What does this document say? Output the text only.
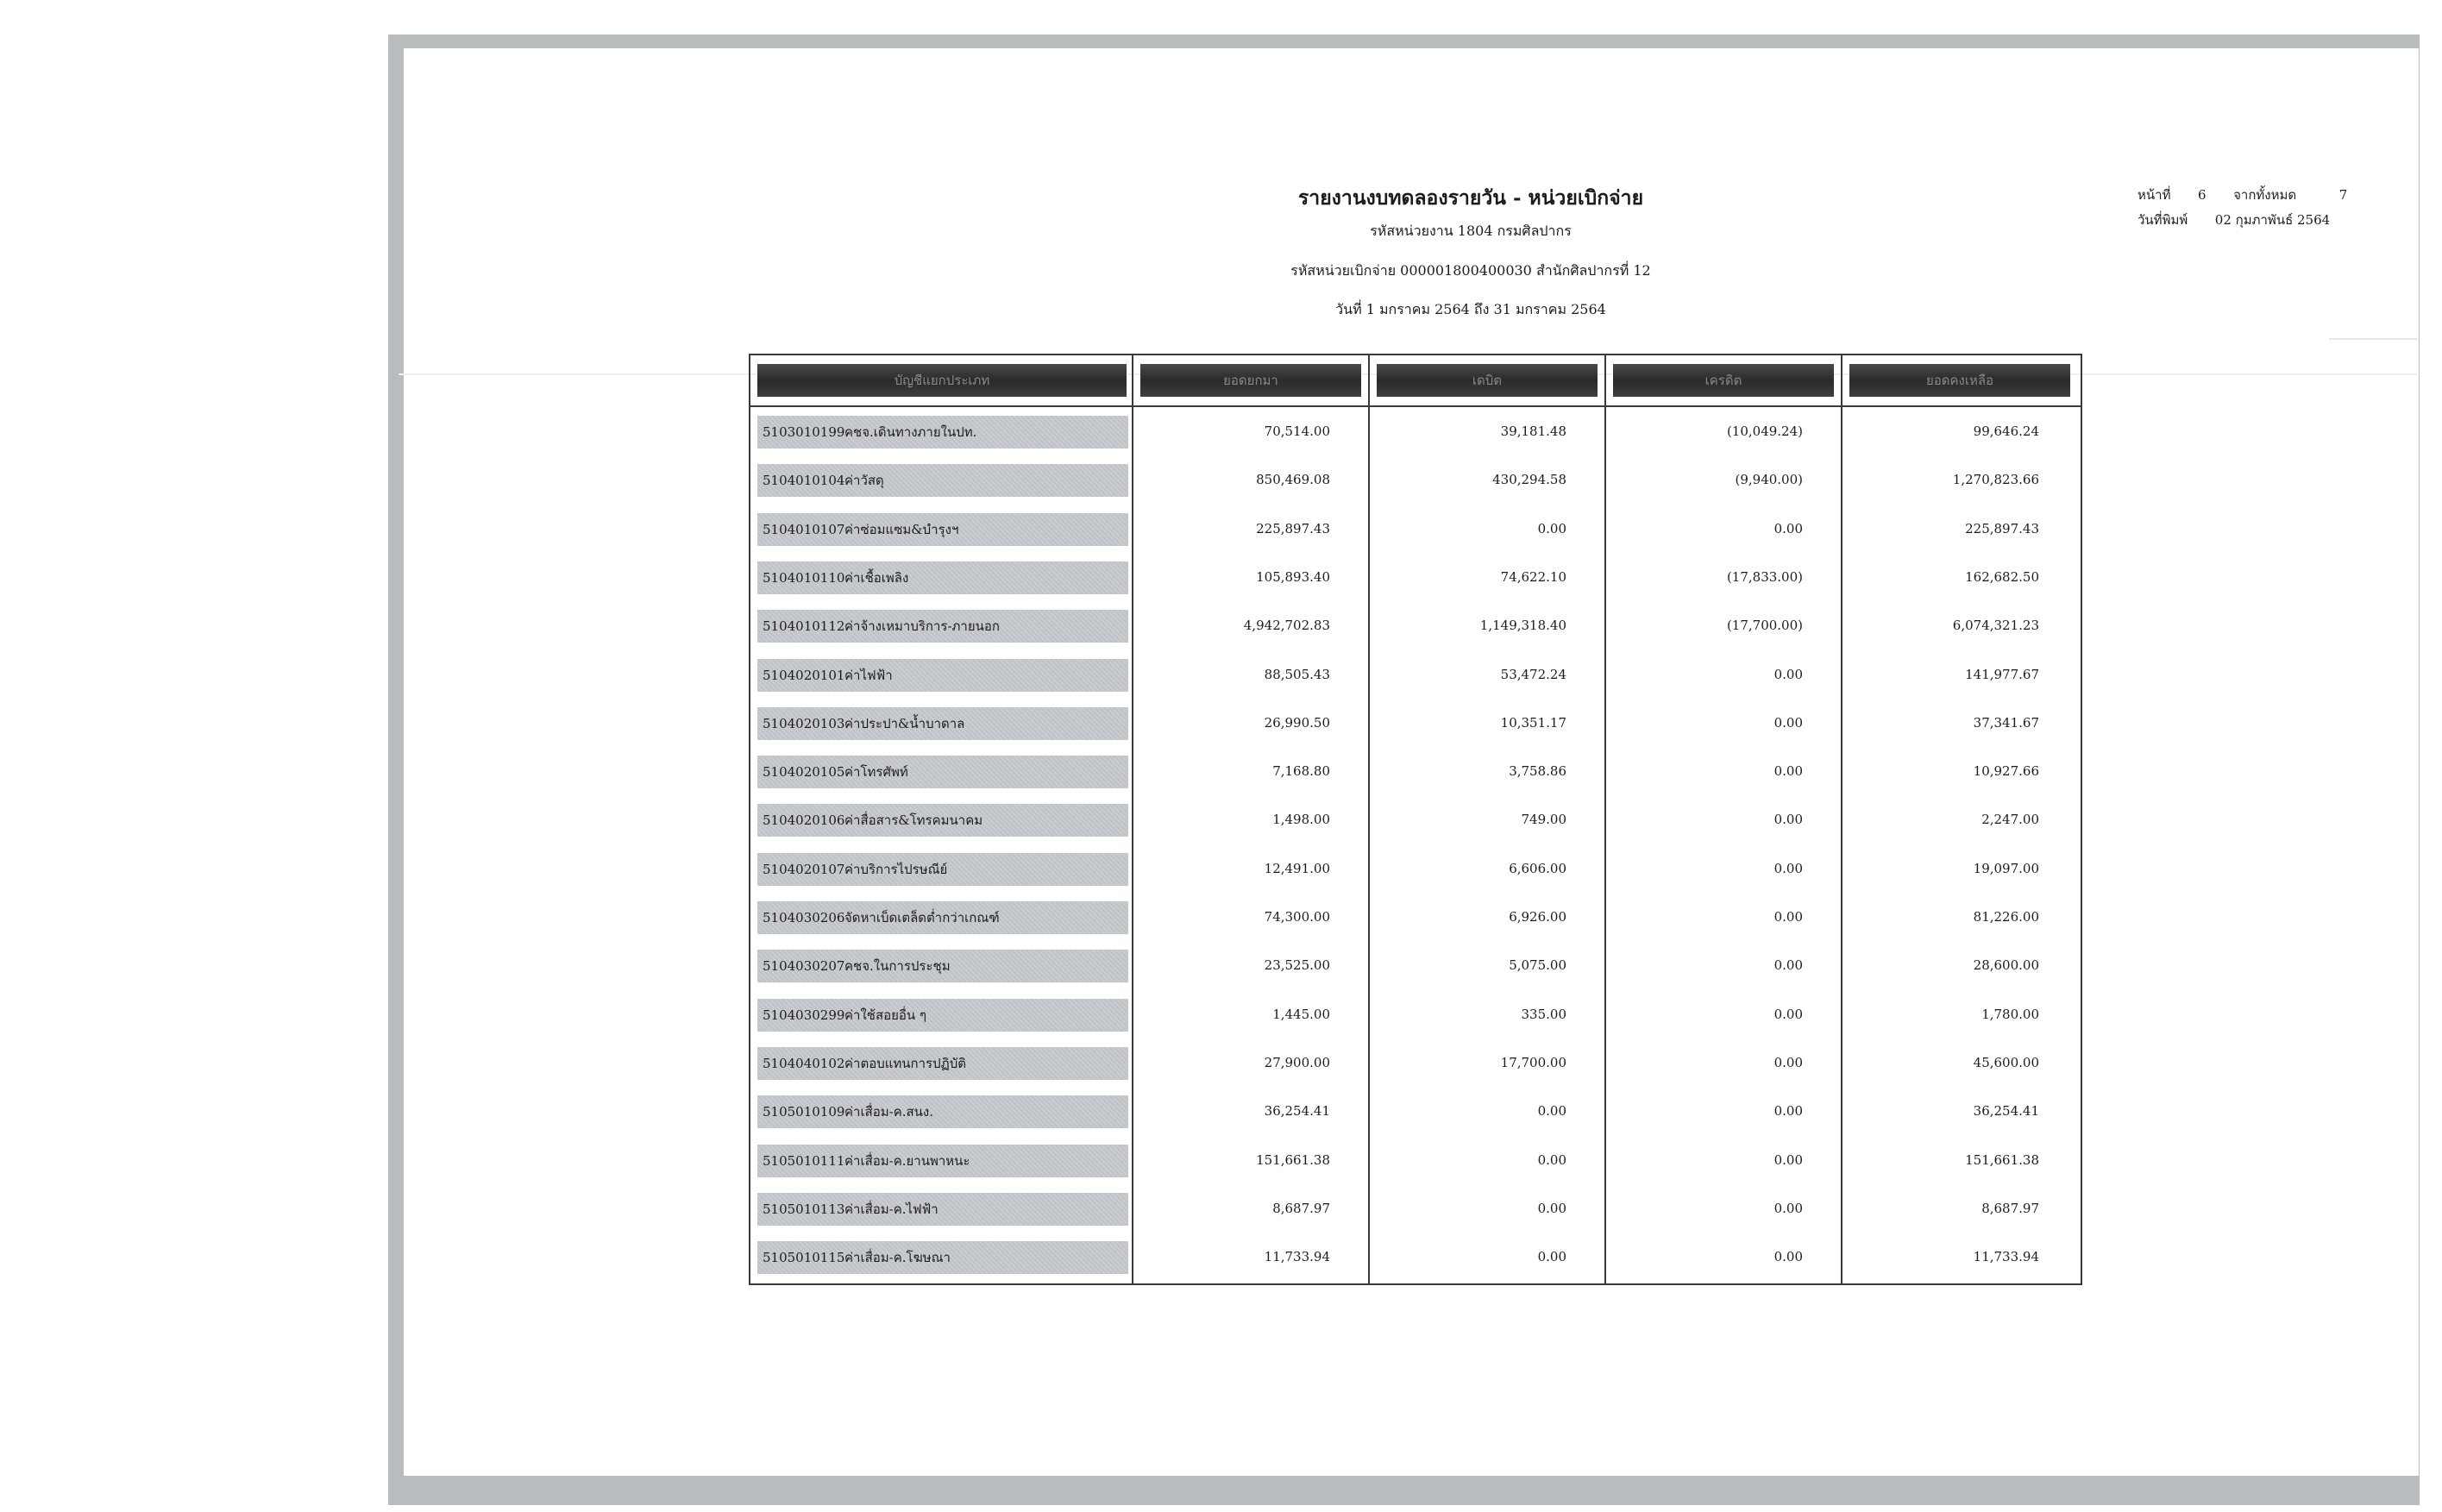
รายงานงบทดลองรายวัน - หน่วยเบิกจ่าย
รหัสหน่วยงาน 1804 กรมศิลปากร
รหัสหน่วยเบิกจ่าย 000001800400030 สำนักศิลปากรที่ 12
วันที่ 1 มกราคม 2564 ถึง 31 มกราคม 2564
หน้าที่ 6 จากทั้งหมด	7
วันที่พิมพ์ 02 กุมภาพันธ์ 2564
บัญชีแยกประเภท	ยอดยกมา	เดบิต	เครดิต	ยอดคงเหลือ
5103010199คชจ.เดินทางภายในปท.	70,514.00	39,181.48	(10,049.24)	99,646.24
5104010104ค่าวัสดุ	850,469.08	430,294.58	(9,940.00)	1,270,823.66
5104010107ค่าซ่อมแซม&บำรุงฯ	225,897.43	0.00	0.00	225,897.43
5104010110ค่าเชื้อเพลิง	105,893.40	74,622.10	(17,833.00)	162,682.50
5104010112ค่าจ้างเหมาบริการ-ภายนอก	4,942,702.83	1,149,318.40	(17,700.00)	6,074,321.23
5104020101ค่าไฟฟ้า	88,505.43	53,472.24	0.00	141,977.67
5104020103ค่าประปา&น้ำบาดาล	26,990.50	10,351.17	0.00	37,341.67
5104020105ค่าโทรศัพท์	7,168.80	3,758.86	0.00	10,927.66
5104020106ค่าสื่อสาร&โทรคมนาคม	1,498.00	749.00	0.00	2,247.00
5104020107ค่าบริการไปรษณีย์	12,491.00	6,606.00	0.00	19,097.00
5104030206จัดหาเบ็ดเตล็ดต่ำกว่าเกณฑ์	74,300.00	6,926.00	0.00	81,226.00
5104030207คชจ.ในการประชุม	23,525.00	5,075.00	0.00	28,600.00
5104030299ค่าใช้สอยอื่น ๆ	1,445.00	335.00	0.00	1,780.00
5104040102ค่าตอบแทนการปฏิบัติ	27,900.00	17,700.00	0.00	45,600.00
5105010109ค่าเสื่อม-ค.สนง.	36,254.41	0.00	0.00	36,254.41
5105010111ค่าเสื่อม-ค.ยานพาหนะ	151,661.38	0.00	0.00	151,661.38
5105010113ค่าเสื่อม-ค.ไฟฟ้า	8,687.97	0.00	0.00	8,687.97
5105010115ค่าเสื่อม-ค.โฆษณา	11,733.94	0.00	0.00	11,733.94
